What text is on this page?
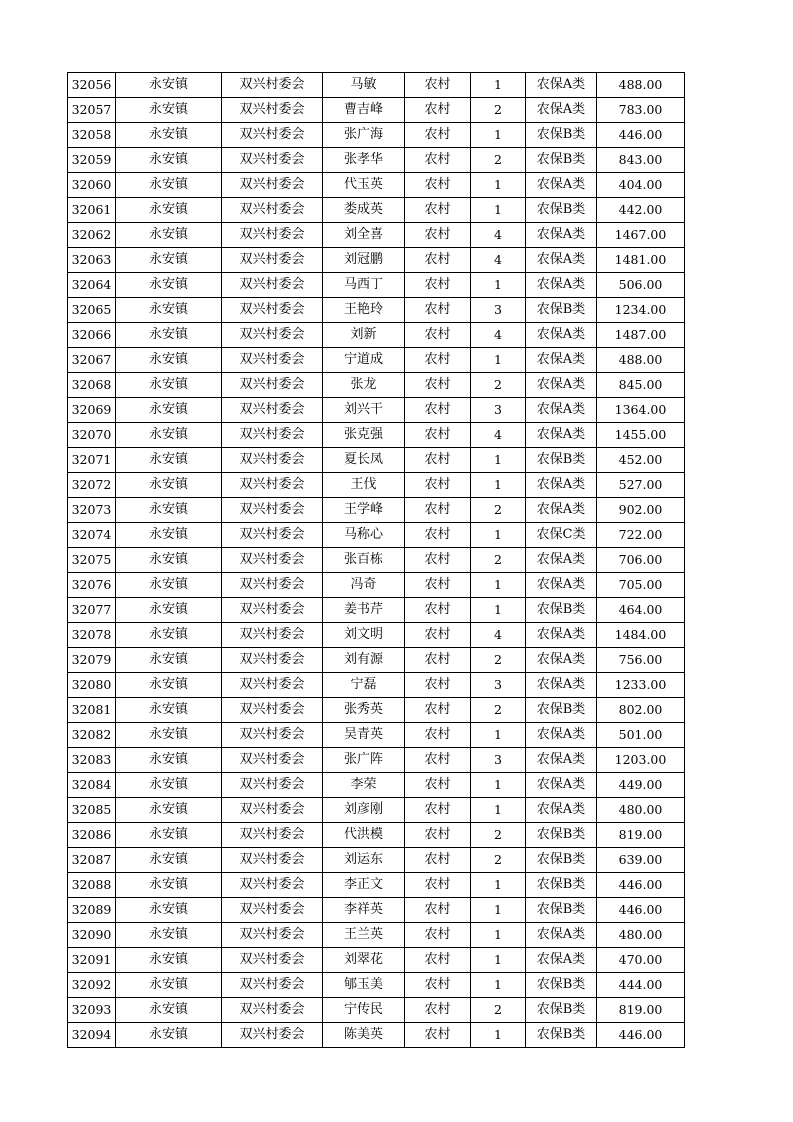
32056	永安镇	双兴村委会	马敏	农村	1	农保A类	488.00
32057	永安镇	双兴村委会	曹吉峰	农村	2	农保A类	783.00
32058	永安镇	双兴村委会	张广海	农村	1	农保B类	446.00
32059	永安镇	双兴村委会	张孝华	农村	2	农保B类	843.00
32060	永安镇	双兴村委会	代玉英	农村	1	农保A类	404.00
32061	永安镇	双兴村委会	娄成英	农村	1	农保B类	442.00
32062	永安镇	双兴村委会	刘全喜	农村	4	农保A类	1467.00
32063	永安镇	双兴村委会	刘冠鹏	农村	4	农保A类	1481.00
32064	永安镇	双兴村委会	马西丁	农村	1	农保A类	506.00
32065	永安镇	双兴村委会	王艳玲	农村	3	农保B类	1234.00
32066	永安镇	双兴村委会	刘新	农村	4	农保A类	1487.00
32067	永安镇	双兴村委会	宁道成	农村	1	农保A类	488.00
32068	永安镇	双兴村委会	张龙	农村	2	农保A类	845.00
32069	永安镇	双兴村委会	刘兴干	农村	3	农保A类	1364.00
32070	永安镇	双兴村委会	张克强	农村	4	农保A类	1455.00
32071	永安镇	双兴村委会	夏长凤	农村	1	农保B类	452.00
32072	永安镇	双兴村委会	王伐	农村	1	农保A类	527.00
32073	永安镇	双兴村委会	王学峰	农村	2	农保A类	902.00
32074	永安镇	双兴村委会	马称心	农村	1	农保C类	722.00
32075	永安镇	双兴村委会	张百栋	农村	2	农保A类	706.00
32076	永安镇	双兴村委会	冯奇	农村	1	农保A类	705.00
32077	永安镇	双兴村委会	姜书芹	农村	1	农保B类	464.00
32078	永安镇	双兴村委会	刘文明	农村	4	农保A类	1484.00
32079	永安镇	双兴村委会	刘有源	农村	2	农保A类	756.00
32080	永安镇	双兴村委会	宁磊	农村	3	农保A类	1233.00
32081	永安镇	双兴村委会	张秀英	农村	2	农保B类	802.00
32082	永安镇	双兴村委会	吴青英	农村	1	农保A类	501.00
32083	永安镇	双兴村委会	张广阵	农村	3	农保A类	1203.00
32084	永安镇	双兴村委会	李荣	农村	1	农保A类	449.00
32085	永安镇	双兴村委会	刘彦刚	农村	1	农保A类	480.00
32086	永安镇	双兴村委会	代洪模	农村	2	农保B类	819.00
32087	永安镇	双兴村委会	刘运东	农村	2	农保B类	639.00
32088	永安镇	双兴村委会	李正文	农村	1	农保B类	446.00
32089	永安镇	双兴村委会	李祥英	农村	1	农保B类	446.00
32090	永安镇	双兴村委会	王兰英	农村	1	农保A类	480.00
32091	永安镇	双兴村委会	刘翠花	农村	1	农保A类	470.00
32092	永安镇	双兴村委会	郇玉美	农村	1	农保B类	444.00
32093	永安镇	双兴村委会	宁传民	农村	2	农保B类	819.00
32094	永安镇	双兴村委会	陈美英	农村	1	农保B类	446.00
